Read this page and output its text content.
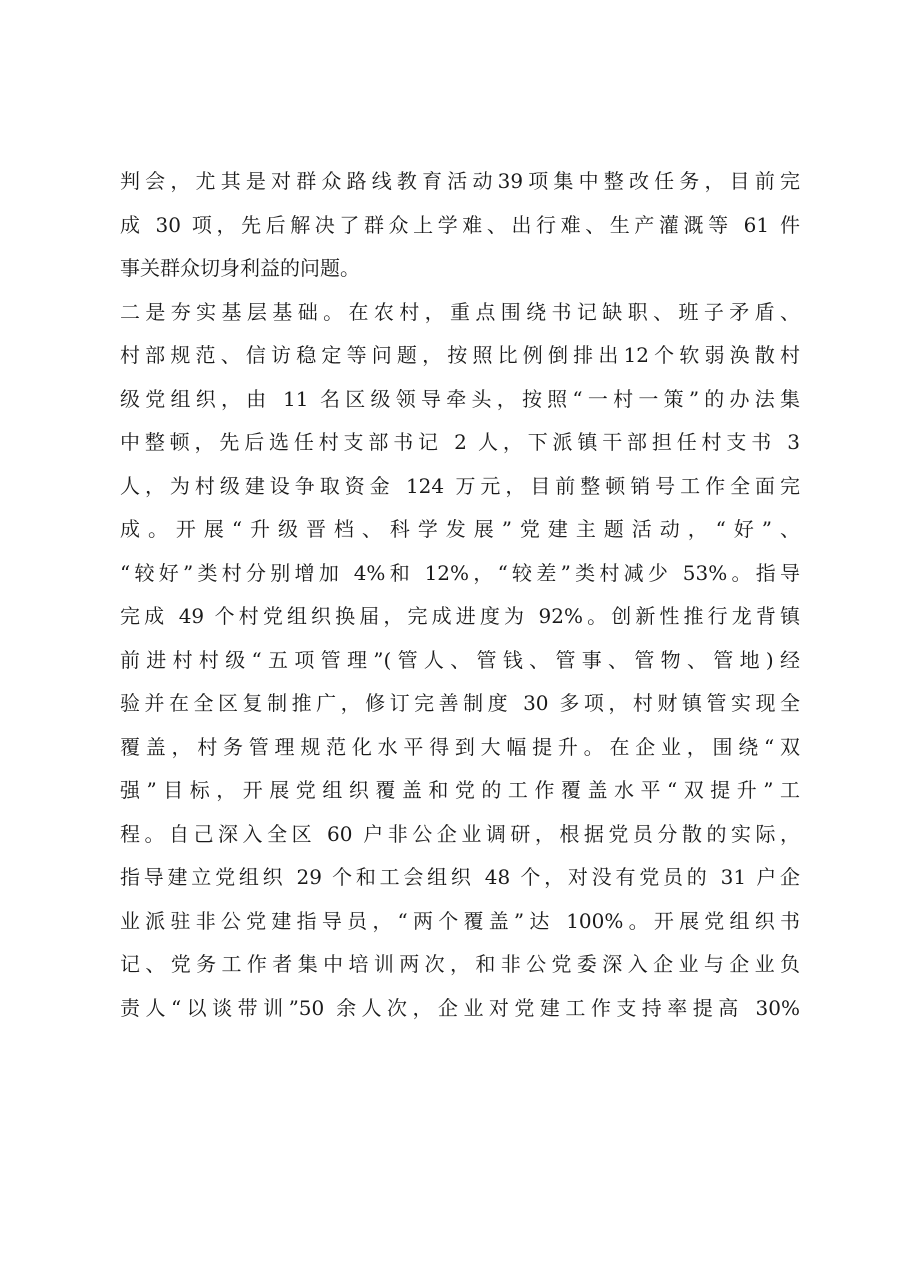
判会，尤其是对群众路线教育活动39项集中整改任务，目前完
成 30 项，先后解决了群众上学难、出行难、生产灌溉等 61 件
事关群众切身利益的问题。
二是夯实基层基础。在农村，重点围绕书记缺职、班子矛盾、
村部规范、信访稳定等问题，按照比例倒排出12个软弱涣散村
级党组织，由 11 名区级领导牵头，按照“一村一策”的办法集
中整顿，先后选任村支部书记 2 人，下派镇干部担任村支书 3
人，为村级建设争取资金 124 万元，目前整顿销号工作全面完
成。开展“升级晋档、科学发展”党建主题活动，“好”、
“较好”类村分别增加 4%和 12%，“较差”类村减少 53%。指导
完成 49 个村党组织换届，完成进度为 92%。创新性推行龙背镇
前进村村级“五项管理”(管人、管钱、管事、管物、管地)经
验并在全区复制推广，修订完善制度 30 多项，村财镇管实现全
覆盖，村务管理规范化水平得到大幅提升。在企业，围绕“双
强”目标，开展党组织覆盖和党的工作覆盖水平“双提升”工
程。自己深入全区 60 户非公企业调研，根据党员分散的实际，
指导建立党组织 29 个和工会组织 48 个，对没有党员的 31 户企
业派驻非公党建指导员，“两个覆盖”达 100%。开展党组织书
记、党务工作者集中培训两次，和非公党委深入企业与企业负
责人“以谈带训”50 余人次，企业对党建工作支持率提高 30%
